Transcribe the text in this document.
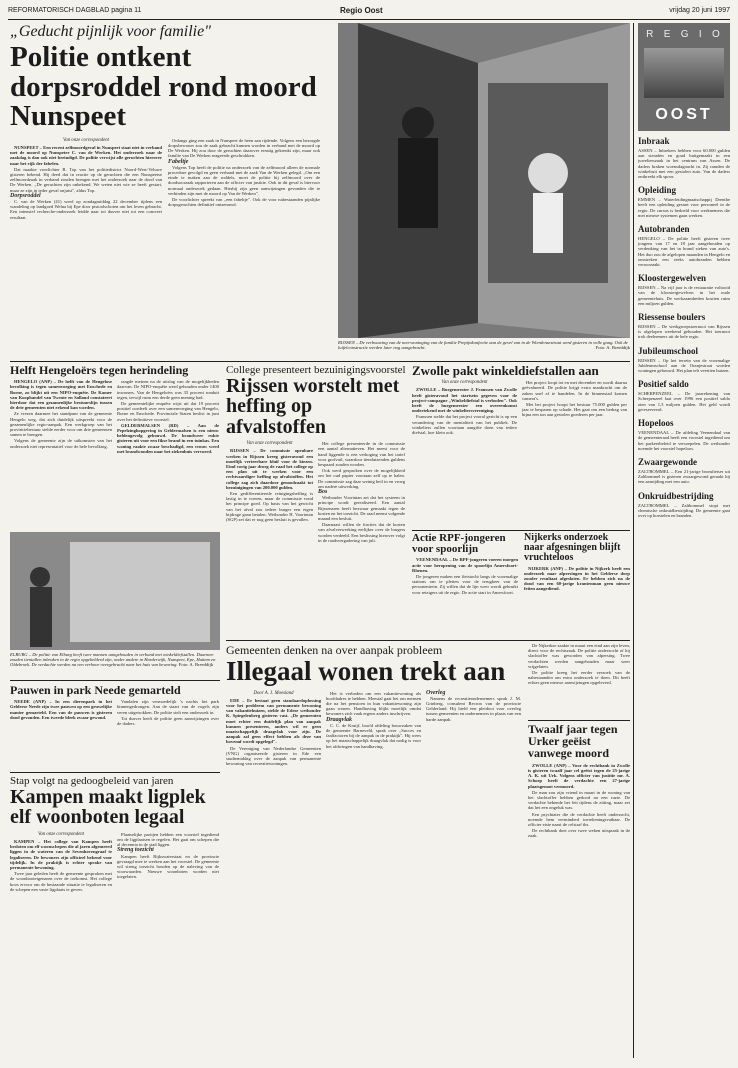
REFORMATORISCH DAGBLAD pagina 11	Regio Oost	vrijdag 20 juni 1997
„Geducht pijnlijk voor familie"
Politie ontkent dorpsroddel rond moord Nunspeet
Van onze correspondent

NUNSPEET – Een recent zelfmoordgeval in Nunspeet staat niet in verband met de moord op Nunspeter C. van de Werken. Het onderzoek naar de zaakdag is dan ook niet beeindigd. De politie verwijst alle geruchten hierover naar het rijk der fabelen.

Dat maakte voorlichter B. Top van het politiedistrict Noord-West-Veluwe gisteren bekend. Hij deed dat in reactie op de geruchten die een Nunspeetse zelfmoordzaak in verband zouden brengen met het onderzoek naar de dood van De Werken. „De geruchten zijn onbekend. We weten niet wie ze heeft gestart, maar ze zijn in ieder geval onjuist", aldus Top.

Dorpsroddel

C. van de Werken (41) werd op zondagmiddag 22 december tijdens een wandeling op landgoed Welna bij Epe door pistoolschoten om het leven gebracht. Een intensief recherche-onderzoek leidde naar tot dusver niet tot een concreet resultaat.

Onlangs ging een zaak in Nunspeet de heen aan rijdende. Volgens een bezorgde dorpsbewoner zou de zaak gebracht kunnen worden in verband met de moord op De Werken. Hij zou door de geruchten daarover ernstig gekrenkt zijn, maar ook familie van De Werken reageerde geschrokken.

Fabeltje

Volgens Top heeft de politie na onderzoek van de zelfmoord alleen de normale procedure gevolgd en geen verband met de zaak Van de Werken gelegd. „Om een einde te maken aan de roddels, moet de politie bij zelfmoord over de doodsoorzaak rapporteren aan de officier van justitie. Ook in dit geval is hiervoor normaal onderzoek gedaan. Hierbij zijn geen aanwijzingen gevonden die te verbinden zijn met de moord op Van de Werken".

De voorlichter spreekt van „een fabeltje". Ook de voor nabestaanden pijnlijke dorpsgeruchten definitief ontzenuwd.

RIJSSEN – De verbouwing van de neerwoninging van de familie Prepijnkonfectie aan de gevel van in de Wierdensestraat werd gisteren in volle gang. Ook de luifelconstructie werden later nog aangebracht.	Foto: A. Breeddijk
R E G I O
OOST
Inbraak
ASSEN – Inbrekers hebben voor 60.000 gulden aan sieraden en goud buitgemaakt in een juwelierszaak in het centrum van Assen. De daders braken woensdagnacht in. Zij ramden de winkelruit met een gestolen auto. Van de daders ontbreekt elk spoor.
Opleiding
EMMEN – Waterleidingmaatschappij Drenthe heeft een opleiding gestart voor personeel in de regio. De cursus is bedoeld voor werknemers die met nieuwe systemen gaan werken.
Autobranden
HENGELO – De politie heeft gisteren twee jongens van 17 en 18 jaar aangehouden op verdenking van het in brand steken van auto's. Het duo zou de afgelopen maanden in Hengelo en omstreken een reeks autobranden hebben veroorzaakt.
Kloostergewelven
RIJSSEN – Na vijf jaar is de restauratie voltooid van de kloostergewelven in het oude gemeentehuis. De werkzaamheden kostten ruim een miljoen gulden.
Riessense boulers
RIJSSEN – De werkgroepstoernooi van Rijssen is afgelopen weekend gehouden. Het toernooi trok deelnemers uit de hele regio.
Jubileumschool
RIJSSEN – Op het terrein van de voormalige Jubileumschool aan de Oranjestraat worden woningen gebouwd. Het plan telt veertien huizen.
Positief saldo
SCHERPENZEEL – De jaarrekening van Scherpenzeel laat over 1996 een positief saldo zien van 1,3 miljoen gulden. Het geld wordt gereserveerd.
Hopeloos
VEENENDAAL – De afdeling Veenendaal van de gemeenteraad heeft een voorstel ingediend om het parkeerbeleid te versoepelen. De wethouder noemde het voorstel hopeloos.
Zwaargewonde
ZALTBOMMEL – Een 21-jarige bromfietser uit Zaltbommel is gisteren zwaargewond geraakt bij een aanrijding met een auto.
Onkruidbestrijding
ZALTBOMMEL – Zaltbommel stopt met chemische onkruidbestrijding. De gemeente gaat over op borstelen en branden.
Helft Hengeloërs tegen herindeling

HENGELO (ANP) – De helft van de Hengelose bevolking is tegen samenvoeging met Enschede en Borne, zo blijkt uit een NIPO-enquête. De Kamer van Koophandel van Twente en Salland constateert hierdoor dat een gezamenlijke bestuurslijn tussen de drie gemeenten niet erkend kan worden.

Ze vrezen daarmee het standpunt van de gemeente Hengelo weg, dat zich duidelijk uitspreekt voor de gezamenlijke regio-aanpak. Een werkgroep van het provinciebestuur stelde eerder voor om drie gemeenten samen te brengen.

Volgens de gemeente zijn de uitkomsten van het onderzoek niet representatief voor de hele bevolking.

raagde meteen na de uitslag van de mogelijkheden daarvan. De NIPO-enquête werd gehouden onder 1400 inwoners. Van de Hengeloërs was 35 procent ronduit tegen, terwijl ruim een derde geen mening had.

De gemeentelijke enquête wijst uit dat 19 procent positief oordeelt over een samenvoeging van Hengelo, Borne en Enschede. Provinciale Staten beslist in juni over het definitieve voorstel.

GELDERMALSEN (RD) – Aan de Pepelzinghopgeving in Geldermalsen is een nieuw heldengevolg gebouwd. De brandweer rukte gisteren uit voor een fikse brand in een tuinkas. Een woning raakte zwaar beschadigd, een vrouw werd met brandwonden naar het ziekenhuis vervoerd.

ELBURG – De politie van Elburg heeft twee mannen aangehouden in verband met winkeldiefstallen. Daarmee zouden tientallen inbraken in de regio opgehelderd zijn, onder andere in Harderwijk, Nunspeet, Epe, Hattem en Oldebroek. De verdachte werden na een verhoor overgebracht naar het huis van bewaring. Foto: A. Breeddijk
Pauwen in park Neede gemarteld

NEEDE (ANP) – In een dierenpark in het Gelderse Neede zijn twee pauwen op een gruwelijke manier gemarteld. Een van de pauwen is gisteren dood gevonden. Een tweede bleek zwaar gewond.

Vandalen zijn vermoedelijk 's nachts het park binnengedrongen. Aan de staart van de vogels zijn veren uitgetrokken. De politie stelt een onderzoek in.

Tot dusver heeft de politie geen aanwijzingen over de daders.

College presenteert bezuinigingsvoorstel
Rijssen worstelt met heffing op afvalstoffen
Van onze correspondent

RIJSSEN – De commissie openbare werken in Rijssen kreeg gisteravond een moeilijk verteerbare kluif voor de kiezen. Eind vorig jaar droeg de raad het college op een plan uit te werken voor een rechtvaardiger heffing op afvalstoffen. Het college zag zich daardoor genoodzaakt tot bezuinigingen van 200.000 gulden.

Een gedifferentieerde reinigingsheffing is lastig in te voeren, maar de commissie vond het principe goed. Op basis van het gewicht van het afval zou iedere burger een eigen bijdrage gaan betalen. Wethouder H. Voorintan (SGP) zei dat er nog geen besluit is gevallen.

Het college presenteerde in de commissie een aantal alternatieven. Het meest voor de hand liggende is een verhoging van het tarief voor grofvuil, waardoor tienduizenden guldens bespaard zouden worden.

Ook werd gesproken over de mogelijkheid om het oud papier voortaan zelf op te halen. De commissie zag daar weinig heil in en vroeg om nadere uitwerking.

Bos

Wethouder Voorintan zei dat het systeem in principe wordt gerealiseerd. Een aantal Rijssenaren heeft bezwaar gemaakt tegen de kosten en het toezicht. De raad neemt volgende maand een besluit.

Daarnaast willen de fracties dat de kosten van afvalverwerking eerlijker over de burgers worden verdeeld. Een beslissing hierover volgt in de raadsvergadering van juli.

Zwolle pakt winkeldiefstallen aan
Van onze correspondent

ZWOLLE – Burgemeester J. Franssen van Zwolle heeft gisteravond het startsein gegeven voor de project-campagne „Winkeldiefstal is verboden". Ook heeft de burgemeester een overeenkomst ondertekend met de winkeliersvereniging.

Franssen stelde dat het project vooral gericht is op een verandering van de mentaliteit van het publiek. De winkeliers zullen voortaan aangifte doen van iedere diefstal, hoe klein ook.

Het project loopt tot en met december en wordt daarna geëvalueerd. De politie krijgt extra mankracht om de zaken snel af te handelen. In de binnenstad komen camera's.

Met het project hoopt het bestuur 75.000 gulden per jaar te besparen op schade. Het gaat om een bedrag van bijna een ton aan gestolen goederen per jaar.

Actie RPF-jongeren voor spoorlijn

VEENENDAAL – De RPF-jongeren voeren morgen actie voor heropening van de spoorlijn Amersfoort-Rhenen.

De jongeren maken een fietstocht langs de voormalige stations om te pleiten voor de terugkeer van de personentrein. Zij willen dat de lijn weer wordt gebruikt voor reizigers uit de regio. De actie start in Amersfoort.

Nijkerks onderzoek naar afgesningen blijft vruchteloos

NIJKERK (ANP) – De politie in Nijkerk heeft een onderzoek naar afpersingen in het Gelderse dorp zonder resultaat afgesloten. Er hebben zich na de dood van een 60-jarige krantenman geen nieuwe feiten aangediend.

Gemeenten denken na over aanpak probleem
Illegaal wonen trekt aan
Door A. J. Moesland

EDE – Er bestaat geen standaardoplossing voor het probleem van permanente bewoning van vakantiehuizen, stelde de Edese wethouder K. Spiegelenberg gisteren vast. „De gemeenten moet echter een duidelijk plan van aanpak kunnen presenteren, anders wil er geen maatschappelijk draagvlak voor zijn. De aanpak zal geen effect hebben als deze van bovenaf wordt opgelegd".

De Vereniging van Nederlandse Gemeenten (VNG) organiseerde gisteren in Ede een studiemiddag over de aanpak van permanente bewoning van recreatiewoningen.

Het is verboden om een vakantiewoning als hoofdadres te hebben. Meestal gaat het om mensen die na het pensioen in hun vakantiewoning zijn gaan wonen. Handhaving blijkt moeilijk omdat bewoners zich vaak ergens anders inschrijven.

Draagvlak

C. C. de Kruijf, hoofd afdeling bouwzaken van de gemeente Barneveld, sprak over „Succes en faalfactoren bij de aanpak in de praktijk". Hij wees op het maatschappelijk draagvlak dat nodig is voor het afdwingen van handhaving.

Overleg

Namens de recreatieondernemers sprak J. M. Grinberg, consulent Recron van de provincie Gelderland. Hij hield een pleidooi voor overleg tussen gemeenten en ondernemers in plaats van een harde aanpak.

De Nijkerkse zaakte in maart een eind aan zijn leven, direct voor de rechtszaak. De politie onderzocht of hij slachtoffer was geworden van afpersing. Twee verdachten werden aangehouden maar weer vrijgelaten.

De politie kreeg het eerder verzoek van de nabestaanden om extra onderzoek te doen. Dit heeft echter geen nieuwe aanwijzingen opgeleverd.

Twaalf jaar tegen Urker geëist vanwege moord

ZWOLLE (ANP) – Voor de rechtbank in Zwolle is gisteren twaalf jaar cel geëist tegen de 25-jarige A. K. uit Urk. Volgens officier van justitie mr. A. Schoep heeft de verdachte een 27-jarige plaatsgenoot vermoord.

De man zou zijn vriend in maart in de woning van het slachtoffer hebben gedood na een ruzie. De verdachte bekende het feit tijdens de zitting, maar zei dat het een ongeluk was.

Een psychiater die de verdachte heeft onderzocht, noemde hem verminderd toerekeningsvatbaar. De officier eiste naast de celstraf tbs.

De rechtbank doet over twee weken uitspraak in de zaak.

Stap volgt na gedoogbeleid van jaren
Kampen maakt ligplek elf woonboten legaal
Van onze correspondent

KAMPEN – Het college van Kampen heeft besloten om elf woonschepen die al jaren afgemeerd liggen in de wateren van de Sevenhovengraaf te legaliseren. De bewoners zijn officieel bekend voor tijdelijk. In de praktijk is echter sprake van permanente bewoning.

Twee jaar geleden heeft de gemeente gesproken met de woonbooteigenaren over de toekomst. Het college koos ervoor om de bestaande situatie te legaliseren en de schepen een vaste ligplaats te geven.

Plaatselijke partijen hebben een voorstel ingediend om de ligplaatsen te regelen. Het gaat om schepen die al decennia in de stad liggen.

Streng toezicht

Kampen heeft Rijkswaterstaat en de provincie gevraagd mee te werken aan het voorstel. De gemeente wil streng toezicht houden op de naleving van de voorwaarden. Nieuwe woonboten worden niet toegelaten.
